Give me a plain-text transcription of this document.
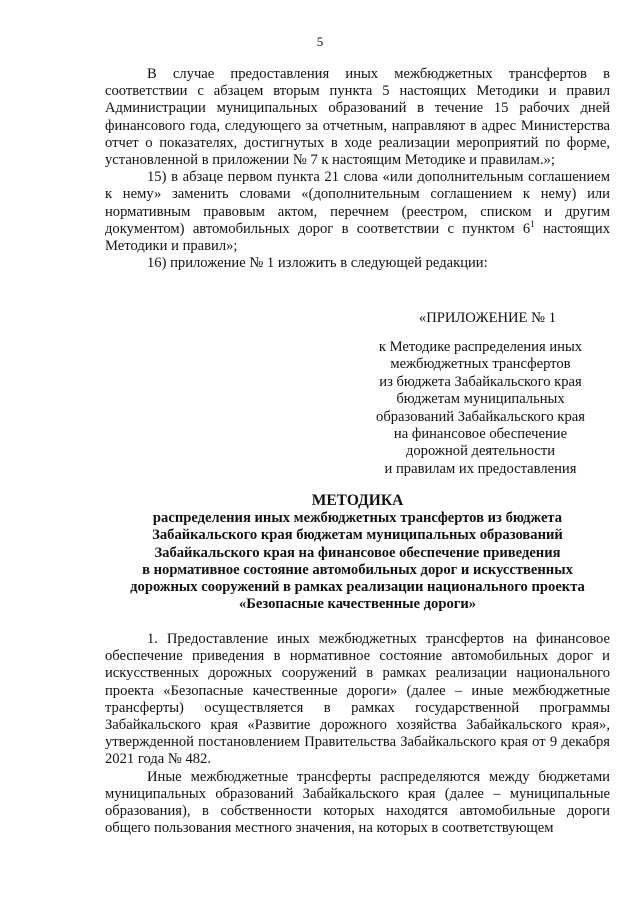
5

В случае предоставления иных межбюджетных трансфертов в соответствии с абзацем вторым пункта 5 настоящих Методики и правил Администрации муниципальных образований в течение 15 рабочих дней финансового года, следующего за отчетным, направляют в адрес Министерства отчет о показателях, достигнутых в ходе реализации мероприятий по форме, установленной в приложении № 7 к настоящим Методике и правилам.»;

15) в абзаце первом пункта 21 слова «или дополнительным соглашением к нему» заменить словами «(дополнительным соглашением к нему) или нормативным правовым актом, перечнем (реестром, списком и другим документом) автомобильных дорог в соответствии с пунктом 6$^1$ настоящих Методики и правил»;

16) приложение № 1 изложить в следующей редакции:

«ПРИЛОЖЕНИЕ № 1
к Методике распределения иных
межбюджетных трансфертов
из бюджета Забайкальского края
бюджетам муниципальных
образований Забайкальского края
на финансовое обеспечение
дорожной деятельности
и правилам их предоставления
МЕТОДИКА
распределения иных межбюджетных трансфертов из бюджета
Забайкальского края бюджетам муниципальных образований
Забайкальского края на финансовое обеспечение приведения
в нормативное состояние автомобильных дорог и искусственных
дорожных сооружений в рамках реализации национального проекта
«Безопасные качественные дороги»

1. Предоставление иных межбюджетных трансфертов на финансовое обеспечение приведения в нормативное состояние автомобильных дорог и искусственных дорожных сооружений в рамках реализации национального проекта «Безопасные качественные дороги» (далее – иные межбюджетные трансферты) осуществляется в рамках государственной программы Забайкальского края «Развитие дорожного хозяйства Забайкальского края», утвержденной постановлением Правительства Забайкальского края от 9 декабря 2021 года № 482.

Иные межбюджетные трансферты распределяются между бюджетами муниципальных образований Забайкальского края (далее – муниципальные образования), в собственности которых находятся автомобильные дороги общего пользования местного значения, на которых в соответствующем
